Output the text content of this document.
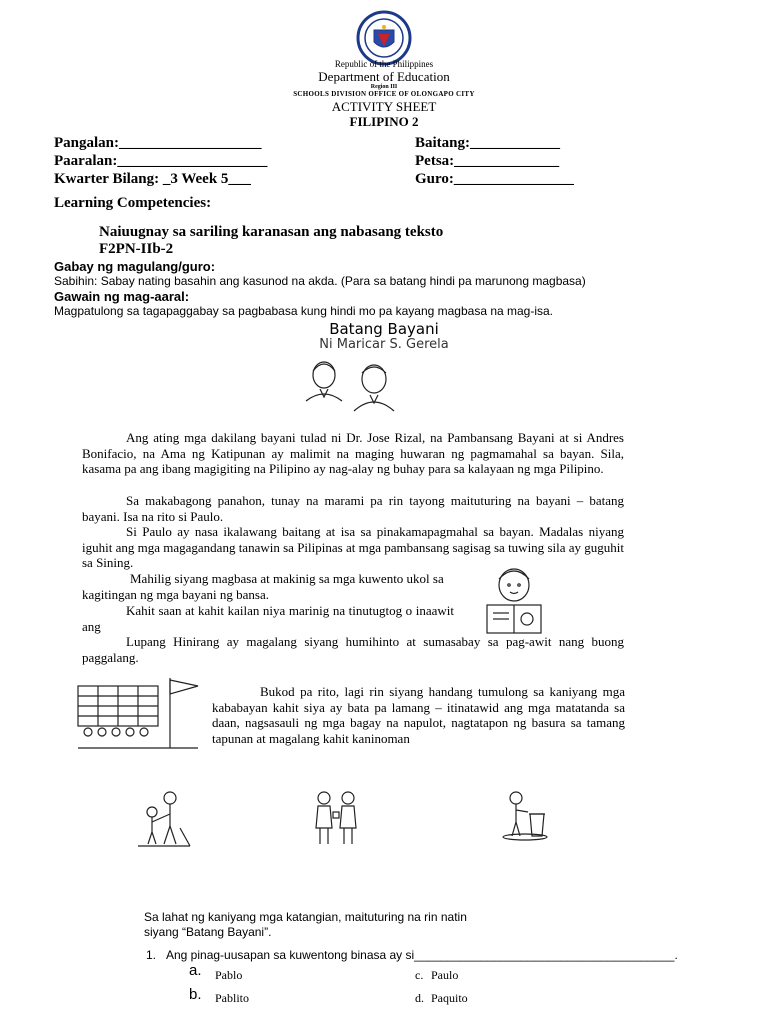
Republic of the Philippines
Department of Education
Region III
SCHOOLS DIVISION OFFICE OF OLONGAPO CITY
ACTIVITY SHEET
FILIPINO 2
Pangalan:___________________
Paaralan:____________________
Kwarter Bilang: _3 Week 5___
Baitang:____________
Petsa:______________
Guro:________________
Learning Competencies:
Naiuugnay sa sariling karanasan ang nabasang teksto
F2PN-IIb-2
Gabay ng magulang/guro:
Sabihin: Sabay nating basahin ang kasunod na akda. (Para sa batang hindi pa marunong magbasa)
Gawain ng mag-aaral:
Magpatulong sa tagapaggabay sa pagbabasa kung hindi mo pa kayang magbasa na mag-isa.
Batang Bayani
Ni Maricar S. Gerela
Ang ating mga dakilang bayani tulad ni Dr. Jose Rizal, na Pambansang Bayani at si Andres Bonifacio, na Ama ng Katipunan ay malimit na maging huwaran ng pagmamahal sa bayan. Sila, kasama pa ang ibang magigiting na Pilipino ay nag-alay ng buhay para sa kalayaan ng mga Pilipino.
Sa makabagong panahon, tunay na marami pa rin tayong maituturing na bayani – batang bayani. Isa na rito si Paulo.
Si Paulo ay nasa ikalawang baitang at isa sa pinakamapagmahal sa bayan. Madalas niyang iguhit ang mga magagandang tanawin sa Pilipinas at mga pambansang sagisag sa tuwing sila ay guguhit sa Sining.
Mahilig siyang magbasa at makinig sa mga kuwento ukol sa kagitingan ng mga bayani ng bansa.
Kahit saan at kahit kailan niya marinig na tinutugtog o inaawit ang
Lupang Hinirang ay magalang siyang humihinto at sumasabay sa pag-awit nang buong paggalang.
Bukod pa rito, lagi rin siyang handang tumulong sa kaniyang mga kababayan kahit siya ay bata pa lamang – itinatawid ang mga matatanda sa daan, nagsasauli ng mga bagay na napulot, nagtatapon ng basura sa tamang tapunan at magalang kahit kaninoman
Sa lahat ng kaniyang mga katangian, maituturing na rin natin siyang “Batang Bayani”.
1. Ang pinag-uusapan sa kuwentong binasa ay si_______________________________________.
a. Pablo
b. Pablito
c. Paulo
d. Paquito
